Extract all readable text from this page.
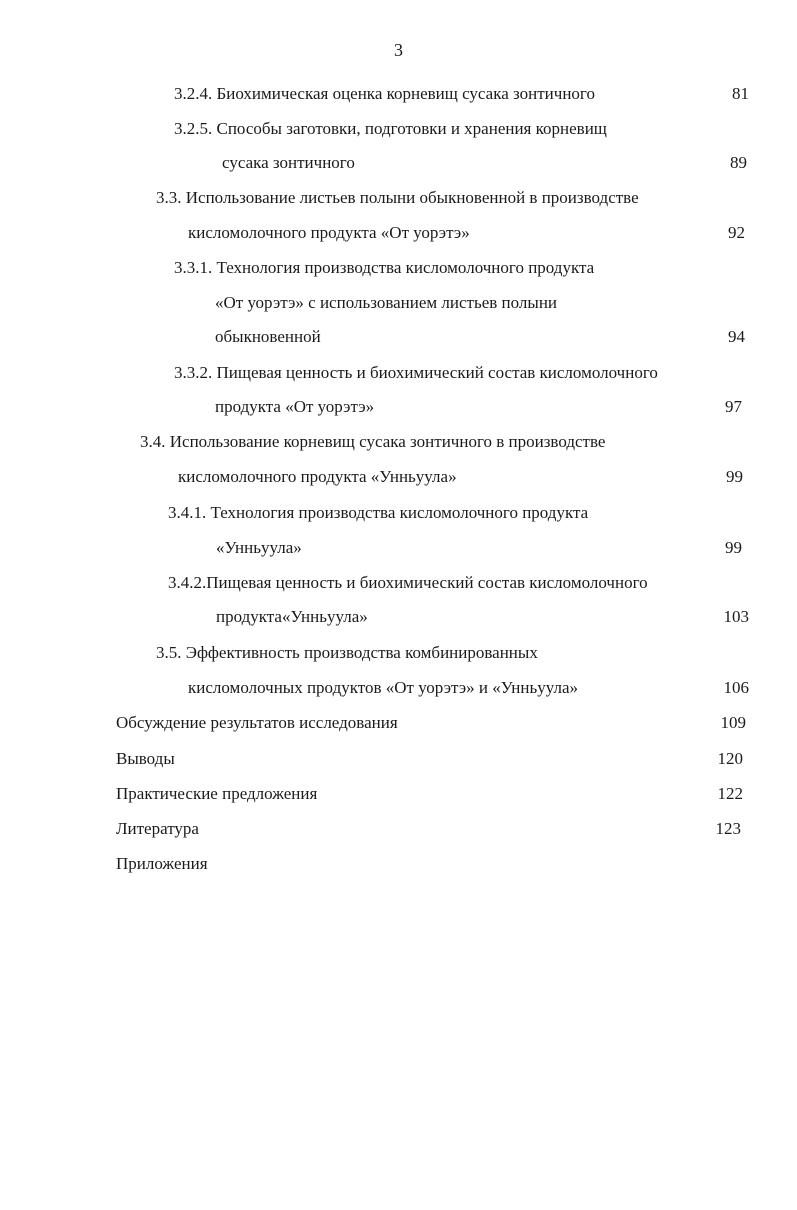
3
3.2.4. Биохимическая оценка корневищ сусака зонтичного	81
3.2.5. Способы заготовки, подготовки и хранения корневищ
сусака зонтичного	89
3.3. Использование листьев полыни обыкновенной в производстве
кисломолочного продукта «От уорэтэ»	92
3.3.1. Технология производства кисломолочного продукта
«От уорэтэ» с использованием листьев полыни
обыкновенной	94
3.3.2. Пищевая ценность и биохимический состав кисломолочного
продукта «От уорэтэ»	97
3.4. Использование корневищ сусака зонтичного в производстве
кисломолочного продукта «Унньуула»	99
3.4.1. Технология производства кисломолочного продукта
«Унньуула»	99
3.4.2.Пищевая ценность и биохимический состав кисломолочного
продукта«Унньуула»	103
3.5. Эффективность производства комбинированных
кисломолочных продуктов «От уорэтэ» и «Унньуула»	106
Обсуждение результатов исследования	109
Выводы	120
Практические предложения	122
Литература	123
Приложения
